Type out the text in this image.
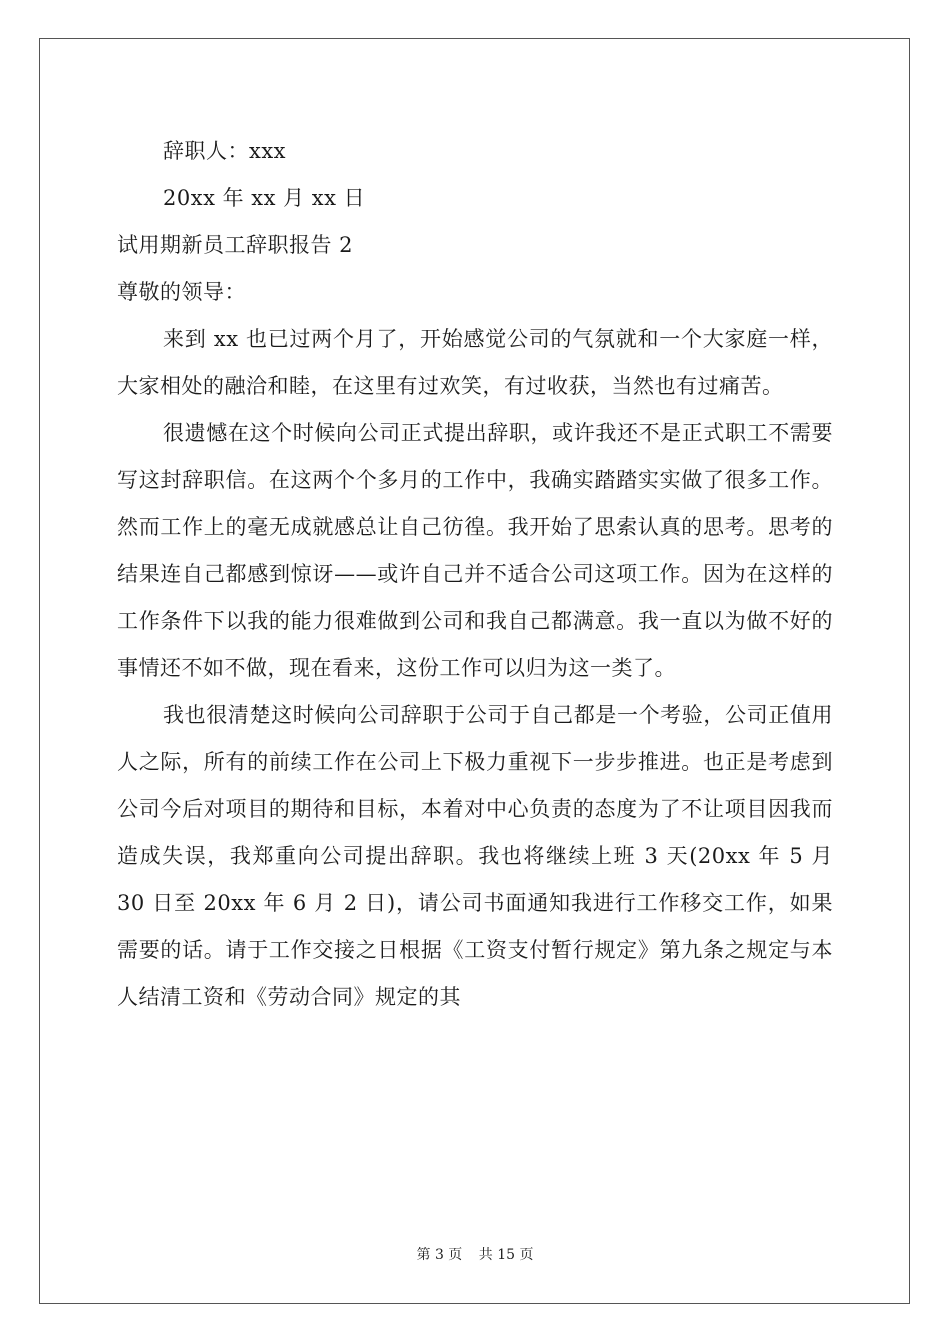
辞职人：xxx
20xx 年 xx 月 xx 日
试用期新员工辞职报告 2
尊敬的领导：

来到 xx 也已过两个月了，开始感觉公司的气氛就和一个大家庭一样，大家相处的融洽和睦，在这里有过欢笑，有过收获，当然也有过痛苦。

很遗憾在这个时候向公司正式提出辞职，或许我还不是正式职工不需要写这封辞职信。在这两个个多月的工作中，我确实踏踏实实做了很多工作。然而工作上的毫无成就感总让自己彷徨。我开始了思索认真的思考。思考的结果连自己都感到惊讶——或许自己并不适合公司这项工作。因为在这样的工作条件下以我的能力很难做到公司和我自己都满意。我一直以为做不好的事情还不如不做，现在看来，这份工作可以归为这一类了。

我也很清楚这时候向公司辞职于公司于自己都是一个考验，公司正值用人之际，所有的前续工作在公司上下极力重视下一步步推进。也正是考虑到公司今后对项目的期待和目标，本着对中心负责的态度为了不让项目因我而造成失误，我郑重向公司提出辞职。我也将继续上班 3 天(20xx 年 5 月 30 日至 20xx 年 6 月 2 日)，请公司书面通知我进行工作移交工作，如果需要的话。请于工作交接之日根据《工资支付暂行规定》第九条之规定与本人结清工资和《劳动合同》规定的其

第 3 页 共 15 页
